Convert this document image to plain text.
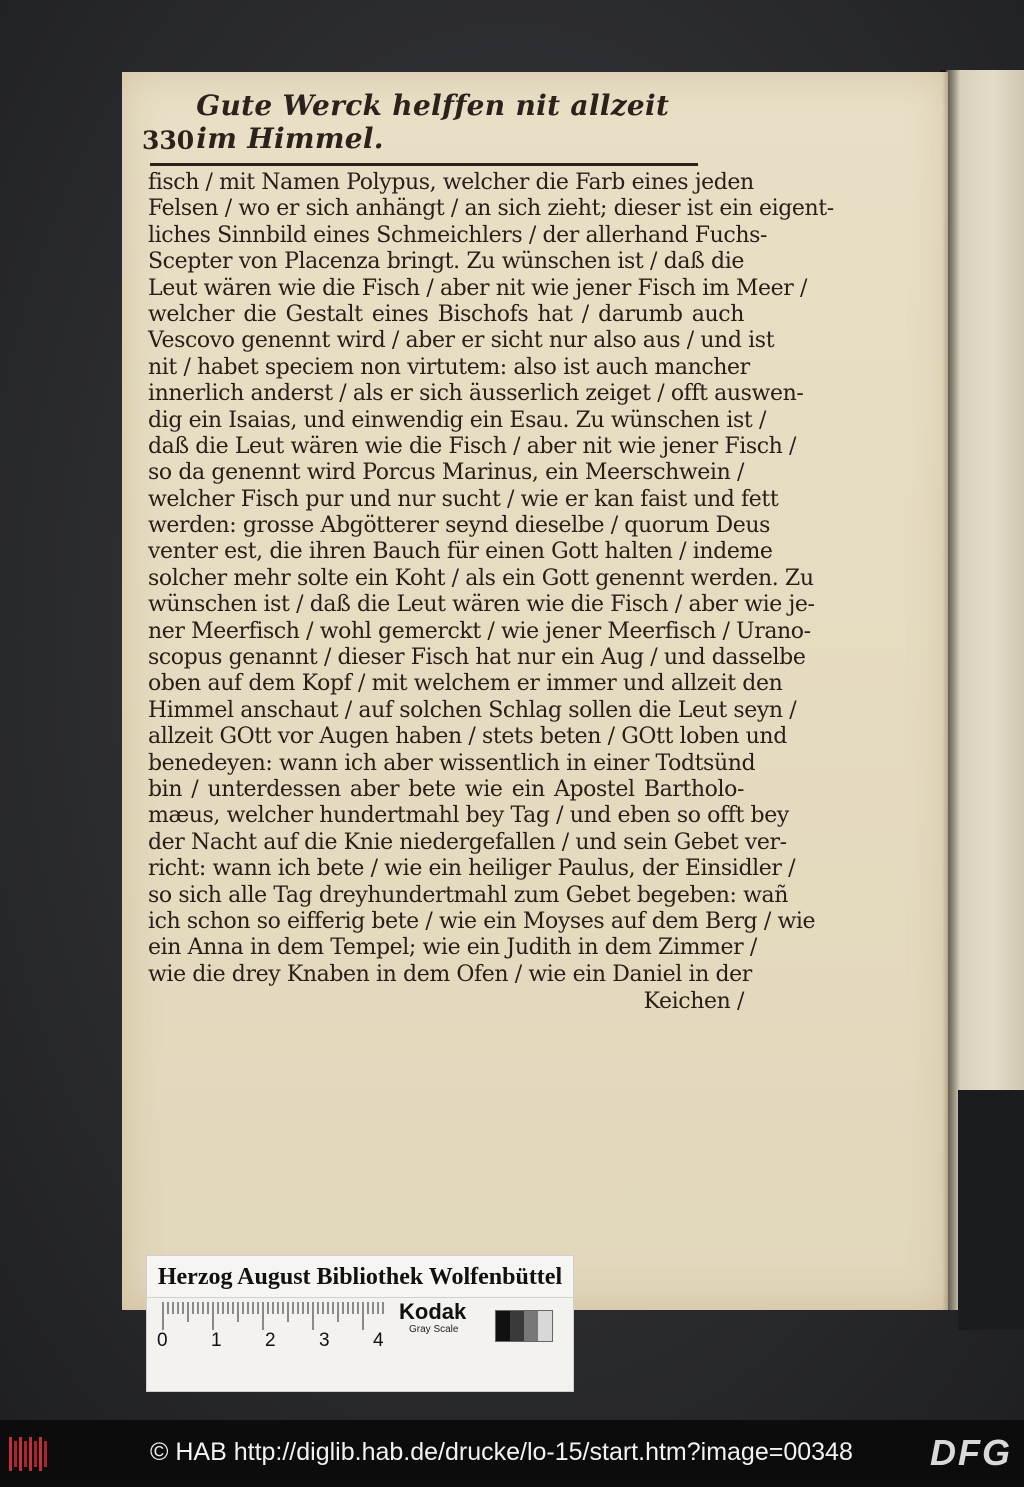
330
Gute Werck helffen nit allzeit im Himmel.
fisch / mit Namen Polypus, welcher die Farb eines jeden
Felsen / wo er sich anhängt / an sich zieht; dieser ist ein eigent-
liches Sinnbild eines Schmeichlers / der allerhand Fuchs-
Scepter von Placenza bringt. Zu wünschen ist / daß die
Leut wären wie die Fisch / aber nit wie jener Fisch im Meer /
welcher die Gestalt eines Bischofs hat / darumb auch
Vescovo genennt wird / aber er sicht nur also aus / und ist
nit / habet speciem non virtutem: also ist auch mancher
innerlich anderst / als er sich äusserlich zeiget / offt auswen-
dig ein Isaias, und einwendig ein Esau. Zu wünschen ist /
daß die Leut wären wie die Fisch / aber nit wie jener Fisch /
so da genennt wird Porcus Marinus, ein Meerschwein /
welcher Fisch pur und nur sucht / wie er kan faist und fett
werden: grosse Abgötterer seynd dieselbe / quorum Deus
venter est, die ihren Bauch für einen Gott halten / indeme
solcher mehr solte ein Koht / als ein Gott genennt werden. Zu
wünschen ist / daß die Leut wären wie die Fisch / aber wie je-
ner Meerfisch / wohl gemerckt / wie jener Meerfisch / Urano-
scopus genannt / dieser Fisch hat nur ein Aug / und dasselbe
oben auf dem Kopf / mit welchem er immer und allzeit den
Himmel anschaut / auf solchen Schlag sollen die Leut seyn /
allzeit GOtt vor Augen haben / stets beten / GOtt loben und
benedeyen: wann ich aber wissentlich in einer Todtsünd
bin / unterdessen aber bete wie ein Apostel Bartholo-
mæus, welcher hundertmahl bey Tag / und eben so offt bey
der Nacht auf die Knie niedergefallen / und sein Gebet ver-
richt: wann ich bete / wie ein heiliger Paulus, der Einsidler /
so sich alle Tag dreyhundertmahl zum Gebet begeben: wañ
ich schon so eifferig bete / wie ein Moyses auf dem Berg / wie
ein Anna in dem Tempel; wie ein Judith in dem Zimmer /
wie die drey Knaben in dem Ofen / wie ein Daniel in der
Keichen /
Herzog August Bibliothek Wolfenbüttel
0 1 2 3 4
Kodak
Gray Scale
© HAB http://diglib.hab.de/drucke/lo-15/start.htm?image=00348	DFG
